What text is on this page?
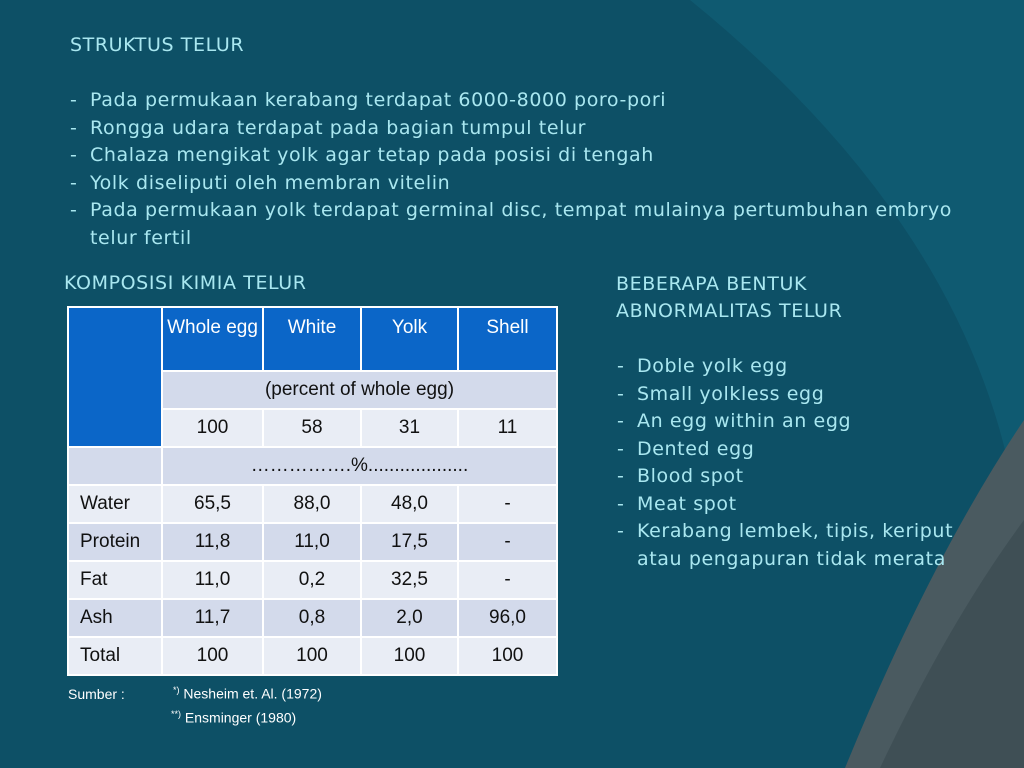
STRUKTUS TELUR
- Pada permukaan kerabang terdapat 6000-8000 poro-pori
- Rongga udara terdapat pada bagian tumpul telur
- Chalaza mengikat yolk agar tetap pada posisi di tengah
- Yolk diseliputi oleh membran vitelin
- Pada permukaan yolk terdapat germinal disc, tempat mulainya pertumbuhan embryo telur fertil
KOMPOSISI KIMIA TELUR
	Whole egg	White	Yolk	Shell
	(percent of whole egg)			
	100	58	31	11
	…………….%...................			
Water	65,5	88,0	48,0	-
Protein	11,8	11,0	17,5	-
Fat	11,0	0,2	32,5	-
Ash	11,7	0,8	2,0	96,0
Total	100	100	100	100
Sumber :	*) Nesheim et. Al. (1972)
**) Ensminger (1980)
BEBERAPA BENTUK
ABNORMALITAS TELUR
- Doble yolk egg
- Small yolkless egg
- An egg within an egg
- Dented egg
- Blood spot
- Meat spot
- Kerabang lembek, tipis, keriput atau pengapuran tidak merata
